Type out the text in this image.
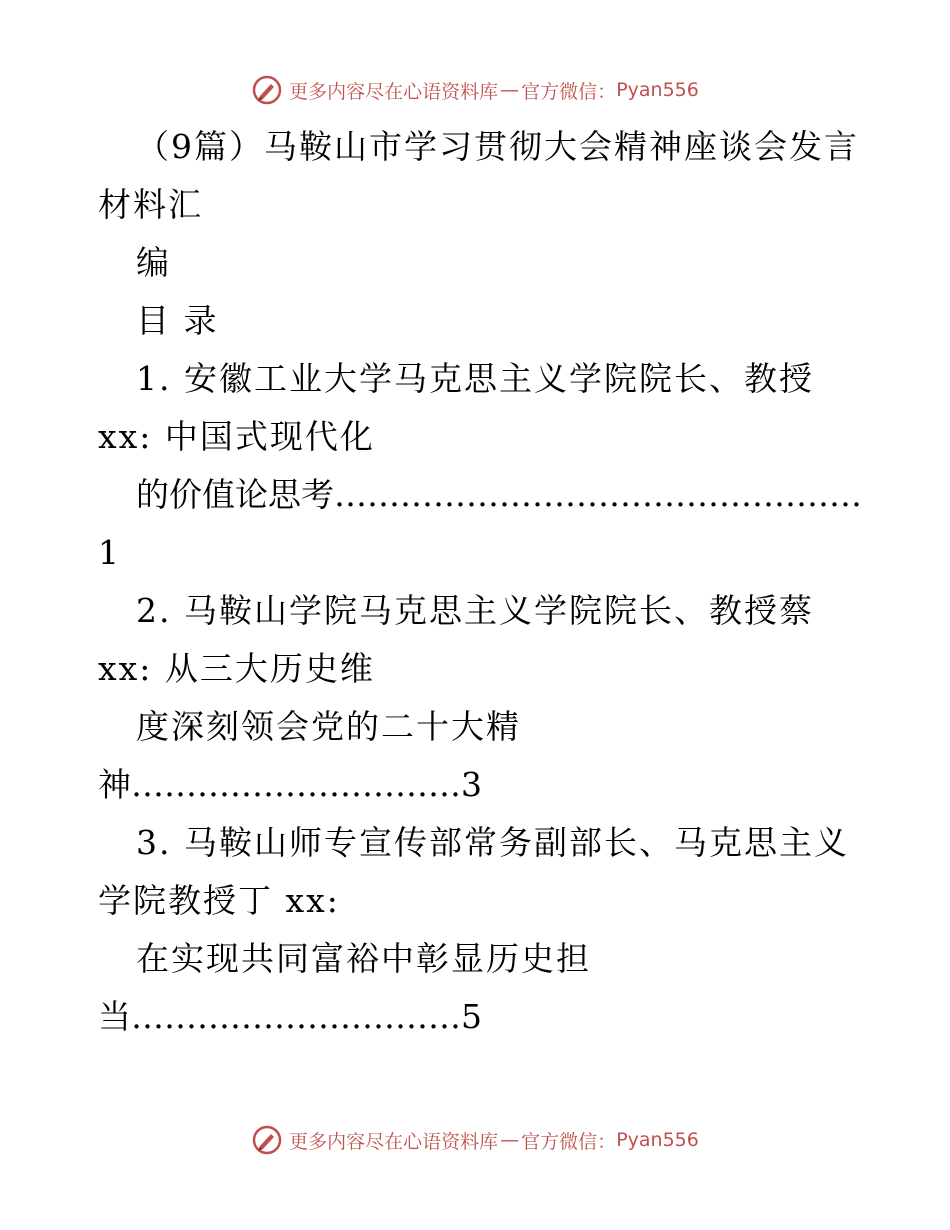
更多内容尽在心语资料库 — 官方微信： Pyan556
（9篇）马鞍山市学习贯彻大会精神座谈会发言
材料汇
编
目 录
1. 安徽工业大学马克思主义学院院长、教授
xx: 中国式现代化
的价值论思考…………………………………………
1
2. 马鞍山学院马克思主义学院院长、教授蔡
xx: 从三大历史维
度深刻领会党的二十大精
神…………………………3
3. 马鞍山师专宣传部常务副部长、马克思主义
学院教授丁 xx:
在实现共同富裕中彰显历史担
当…………………………5
更多内容尽在心语资料库 — 官方微信： Pyan556
